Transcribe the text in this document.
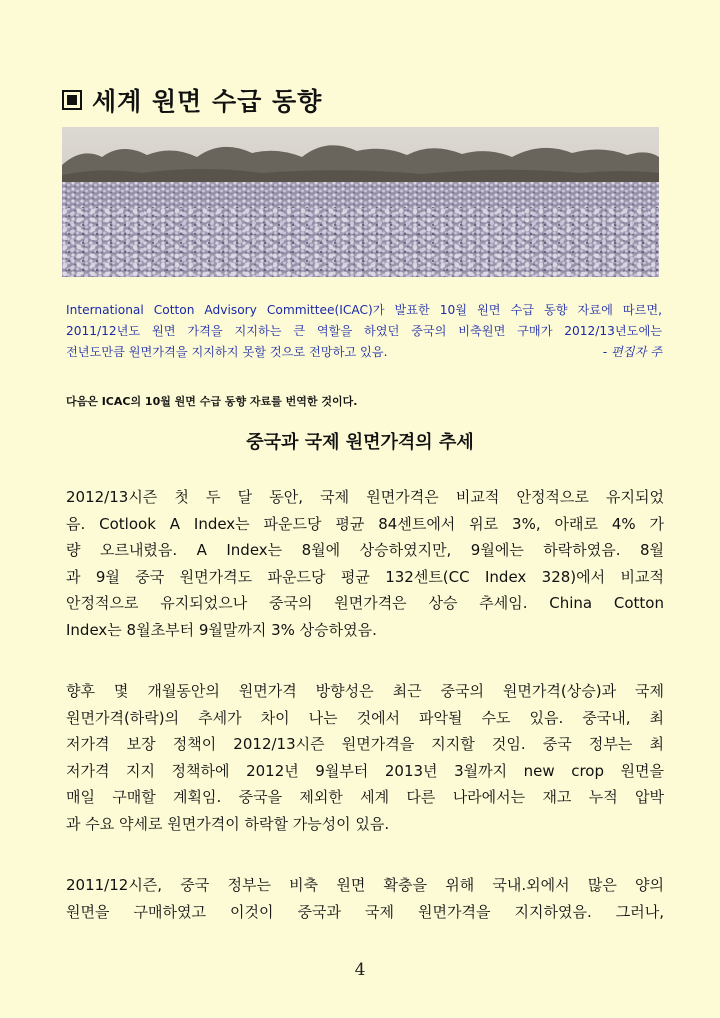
세계 원면 수급 동향
International Cotton Advisory Committee(ICAC)가 발표한 10월 원면 수급 동향 자료에 따르면,
2011/12년도 원면 가격을 지지하는 큰 역할을 하였던 중국의 비축원면 구매가 2012/13년도에는
전년도만큼 원면가격을 지지하지 못할 것으로 전망하고 있음.	- 편집자 주
다음은 ICAC의 10월 원면 수급 동향 자료를 번역한 것이다.
중국과 국제 원면가격의 추세
2012/13시즌 첫 두 달 동안, 국제 원면가격은 비교적 안정적으로 유지되었
음. Cotlook A Index는 파운드당 평균 84센트에서 위로 3%, 아래로 4% 가
량 오르내렸음. A Index는 8월에 상승하였지만, 9월에는 하락하였음. 8월
과 9월 중국 원면가격도 파운드당 평균 132센트(CC Index 328)에서 비교적
안정적으로 유지되었으나 중국의 원면가격은 상승 추세임. China Cotton
Index는 8월초부터 9월말까지 3% 상승하였음.
향후 몇 개월동안의 원면가격 방향성은 최근 중국의 원면가격(상승)과 국제
원면가격(하락)의 추세가 차이 나는 것에서 파악될 수도 있음. 중국내, 최
저가격 보장 정책이 2012/13시즌 원면가격을 지지할 것임. 중국 정부는 최
저가격 지지 정책하에 2012년 9월부터 2013년 3월까지 new crop 원면을
매일 구매할 계획임. 중국을 제외한 세계 다른 나라에서는 재고 누적 압박
과 수요 약세로 원면가격이 하락할 가능성이 있음.
2011/12시즌, 중국 정부는 비축 원면 확충을 위해 국내.외에서 많은 양의
원면을 구매하였고 이것이 중국과 국제 원면가격을 지지하였음. 그러나,
4
